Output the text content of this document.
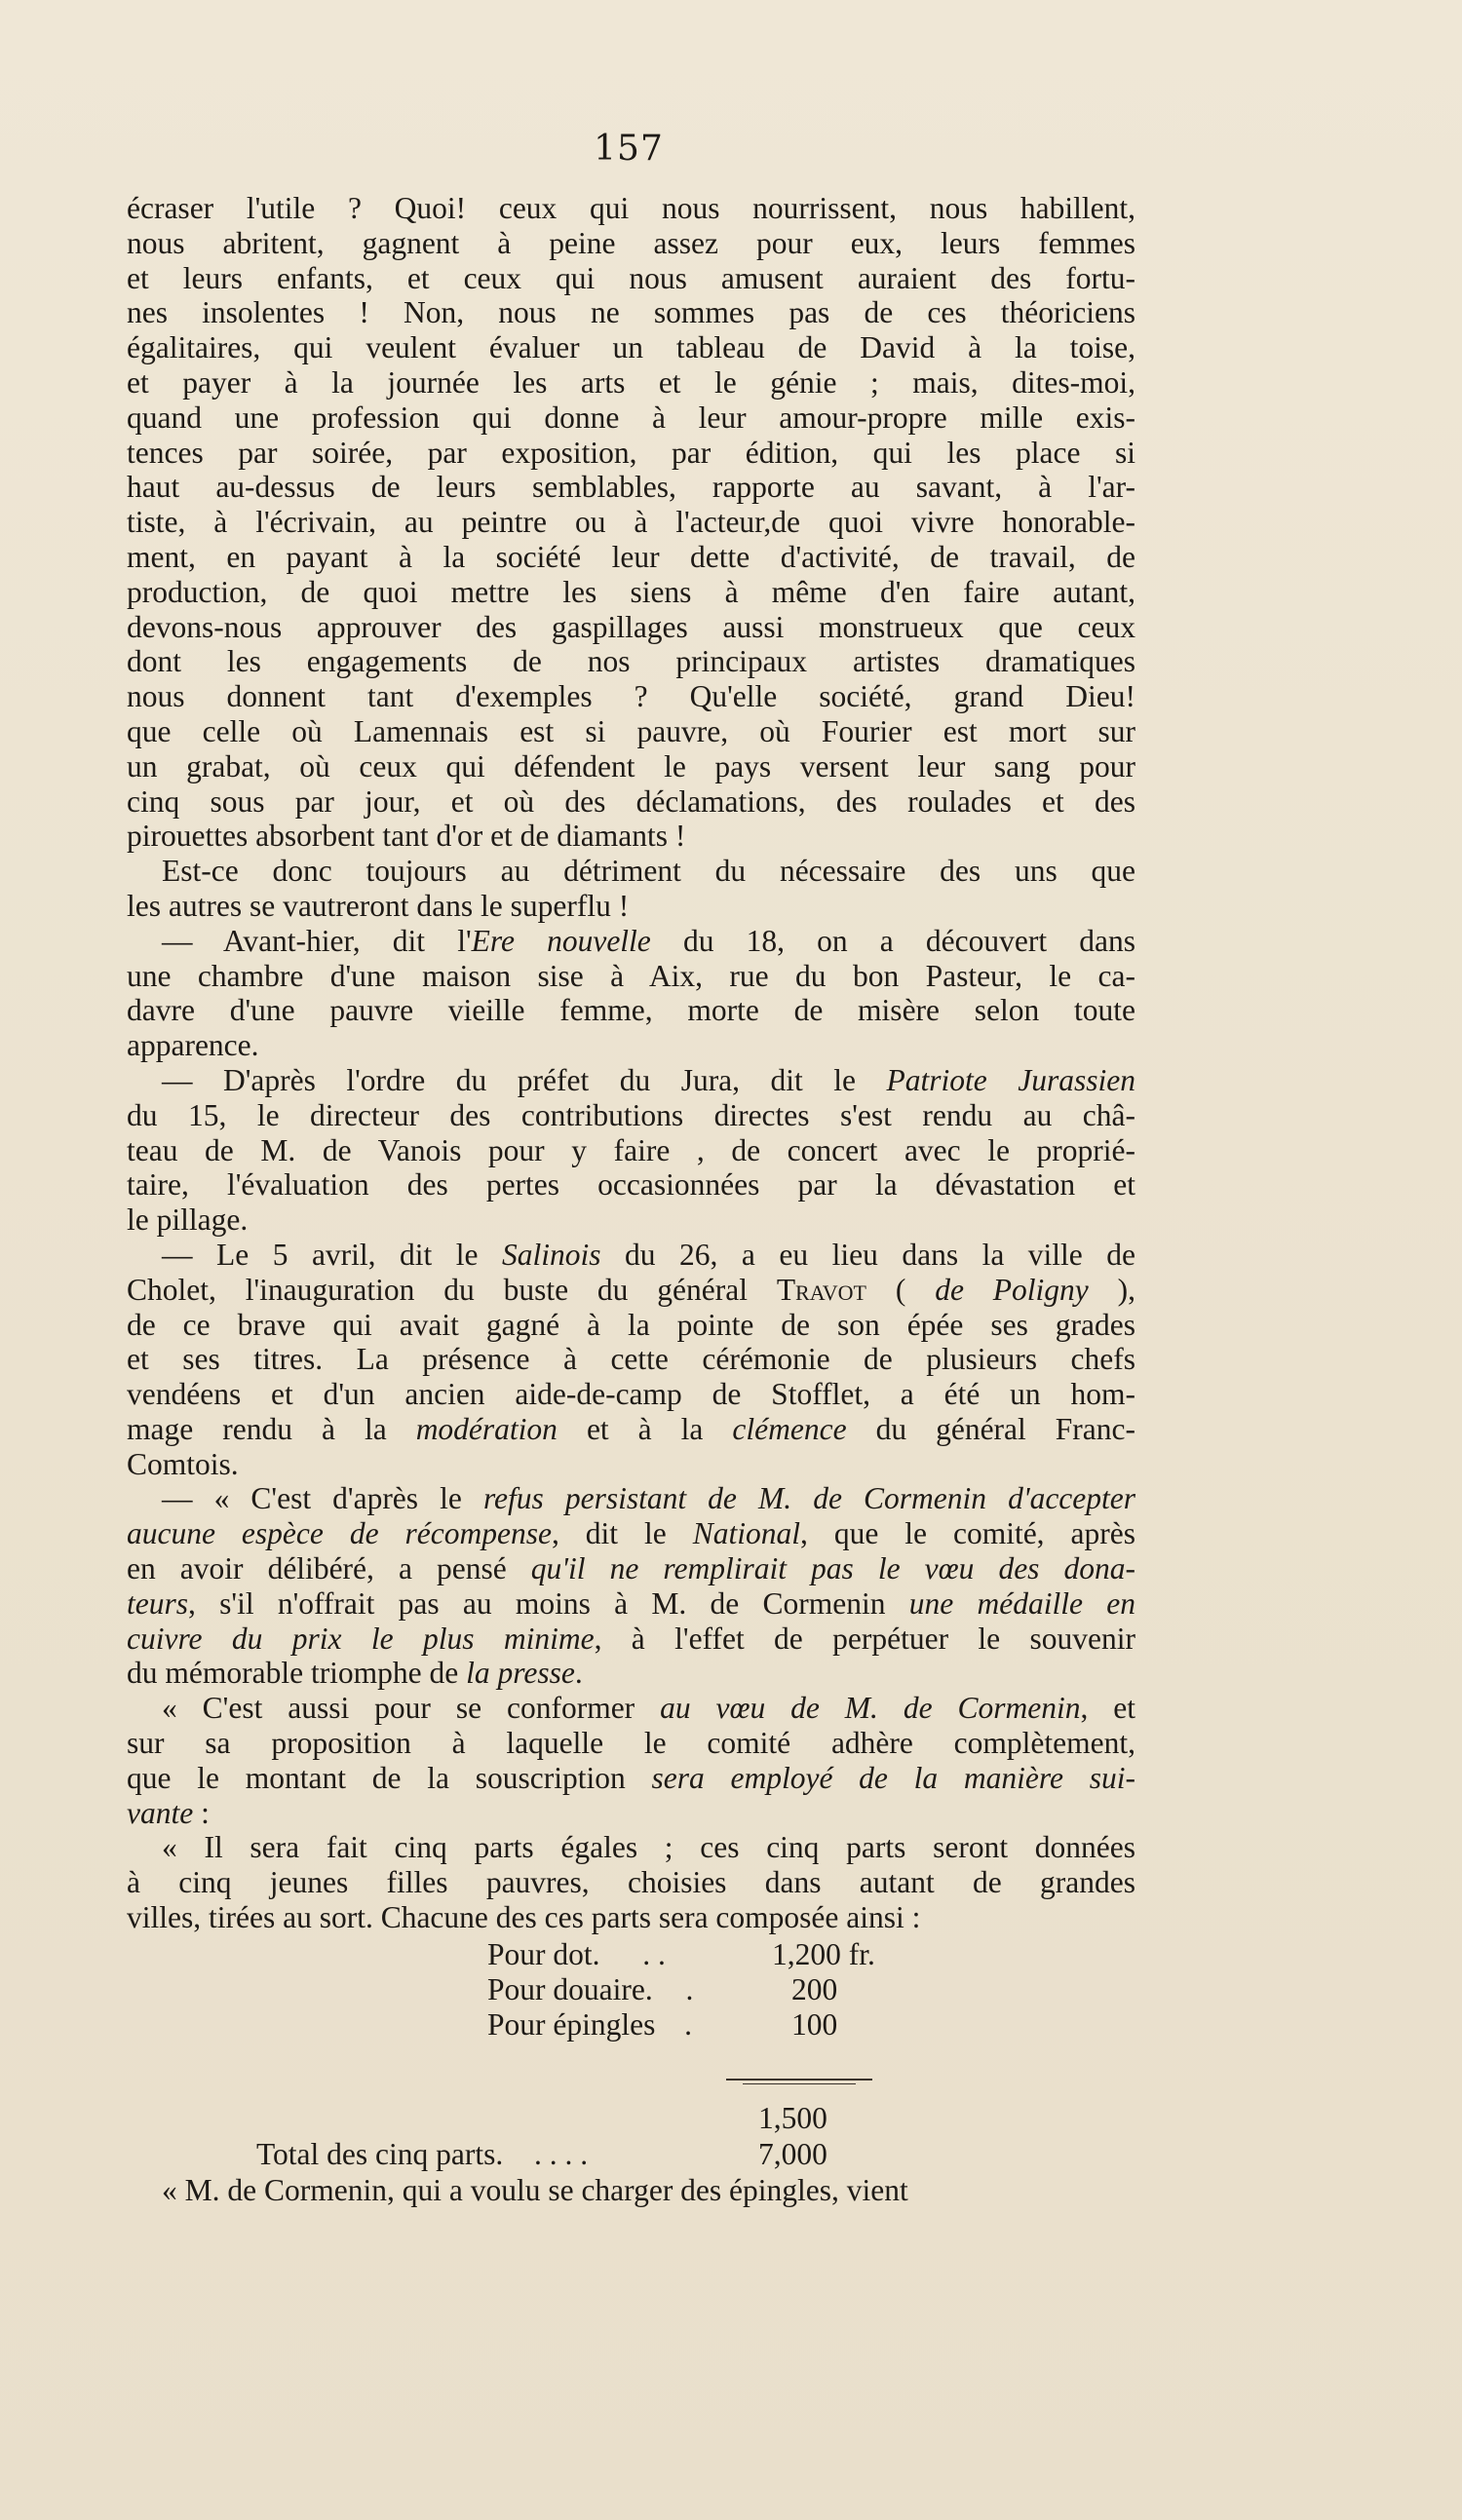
157

écraser l'utile ? Quoi! ceux qui nous nourrissent, nous habillent,

nous abritent, gagnent à peine assez pour eux, leurs femmes

et leurs enfants, et ceux qui nous amusent auraient des fortu-

nes insolentes ! Non, nous ne sommes pas de ces théoriciens

égalitaires, qui veulent évaluer un tableau de David à la toise,

et payer à la journée les arts et le génie ; mais, dites-moi,

quand une profession qui donne à leur amour-propre mille exis-

tences par soirée, par exposition, par édition, qui les place si

haut au-dessus de leurs semblables, rapporte au savant, à l'ar-

tiste, à l'écrivain, au peintre ou à l'acteur,de quoi vivre honorable-

ment, en payant à la société leur dette d'activité, de travail, de

production, de quoi mettre les siens à même d'en faire autant,

devons-nous approuver des gaspillages aussi monstrueux que ceux

dont les engagements de nos principaux artistes dramatiques

nous donnent tant d'exemples ? Qu'elle société, grand Dieu!

que celle où Lamennais est si pauvre, où Fourier est mort sur

un grabat, où ceux qui défendent le pays versent leur sang pour

cinq sous par jour, et où des déclamations, des roulades et des

pirouettes absorbent tant d'or et de diamants !

Est-ce donc toujours au détriment du nécessaire des uns que

les autres se vautreront dans le superflu !

— Avant-hier, dit l'Ere nouvelle du 18, on a découvert dans

une chambre d'une maison sise à Aix, rue du bon Pasteur, le ca-

davre d'une pauvre vieille femme, morte de misère selon toute

apparence.

— D'après l'ordre du préfet du Jura, dit le Patriote Jurassien

du 15, le directeur des contributions directes s'est rendu au châ-

teau de M. de Vanois pour y faire , de concert avec le proprié-

taire, l'évaluation des pertes occasionnées par la dévastation et

le pillage.

— Le 5 avril, dit le Salinois du 26, a eu lieu dans la ville de

Cholet, l'inauguration du buste du général Travot ( de Poligny ),

de ce brave qui avait gagné à la pointe de son épée ses grades

et ses titres. La présence à cette cérémonie de plusieurs chefs

vendéens et d'un ancien aide-de-camp de Stofflet, a été un hom-

mage rendu à la modération et à la clémence du général Franc-

Comtois.

— « C'est d'après le refus persistant de M. de Cormenin d'accepter

aucune espèce de récompense, dit le National, que le comité, après

en avoir délibéré, a pensé qu'il ne remplirait pas le vœu des dona-

teurs, s'il n'offrait pas au moins à M. de Cormenin une médaille en

cuivre du prix le plus minime, à l'effet de perpétuer le souvenir

du mémorable triomphe de la presse.

« C'est aussi pour se conformer au vœu de M. de Cormenin, et

sur sa proposition à laquelle le comité adhère complètement,

que le montant de la souscription sera employé de la manière sui-

vante :

« Il sera fait cinq parts égales ; ces cinq parts seront données

à cinq jeunes filles pauvres, choisies dans autant de grandes

villes, tirées au sort. Chacune des ces parts sera composée ainsi :

Pour dot. . .	1,200 fr.
Pour douaire. .	200
Pour épingles .	100
1,500
Total des cinq parts. . . . .	7,000

« M. de Cormenin, qui a voulu se charger des épingles, vient
